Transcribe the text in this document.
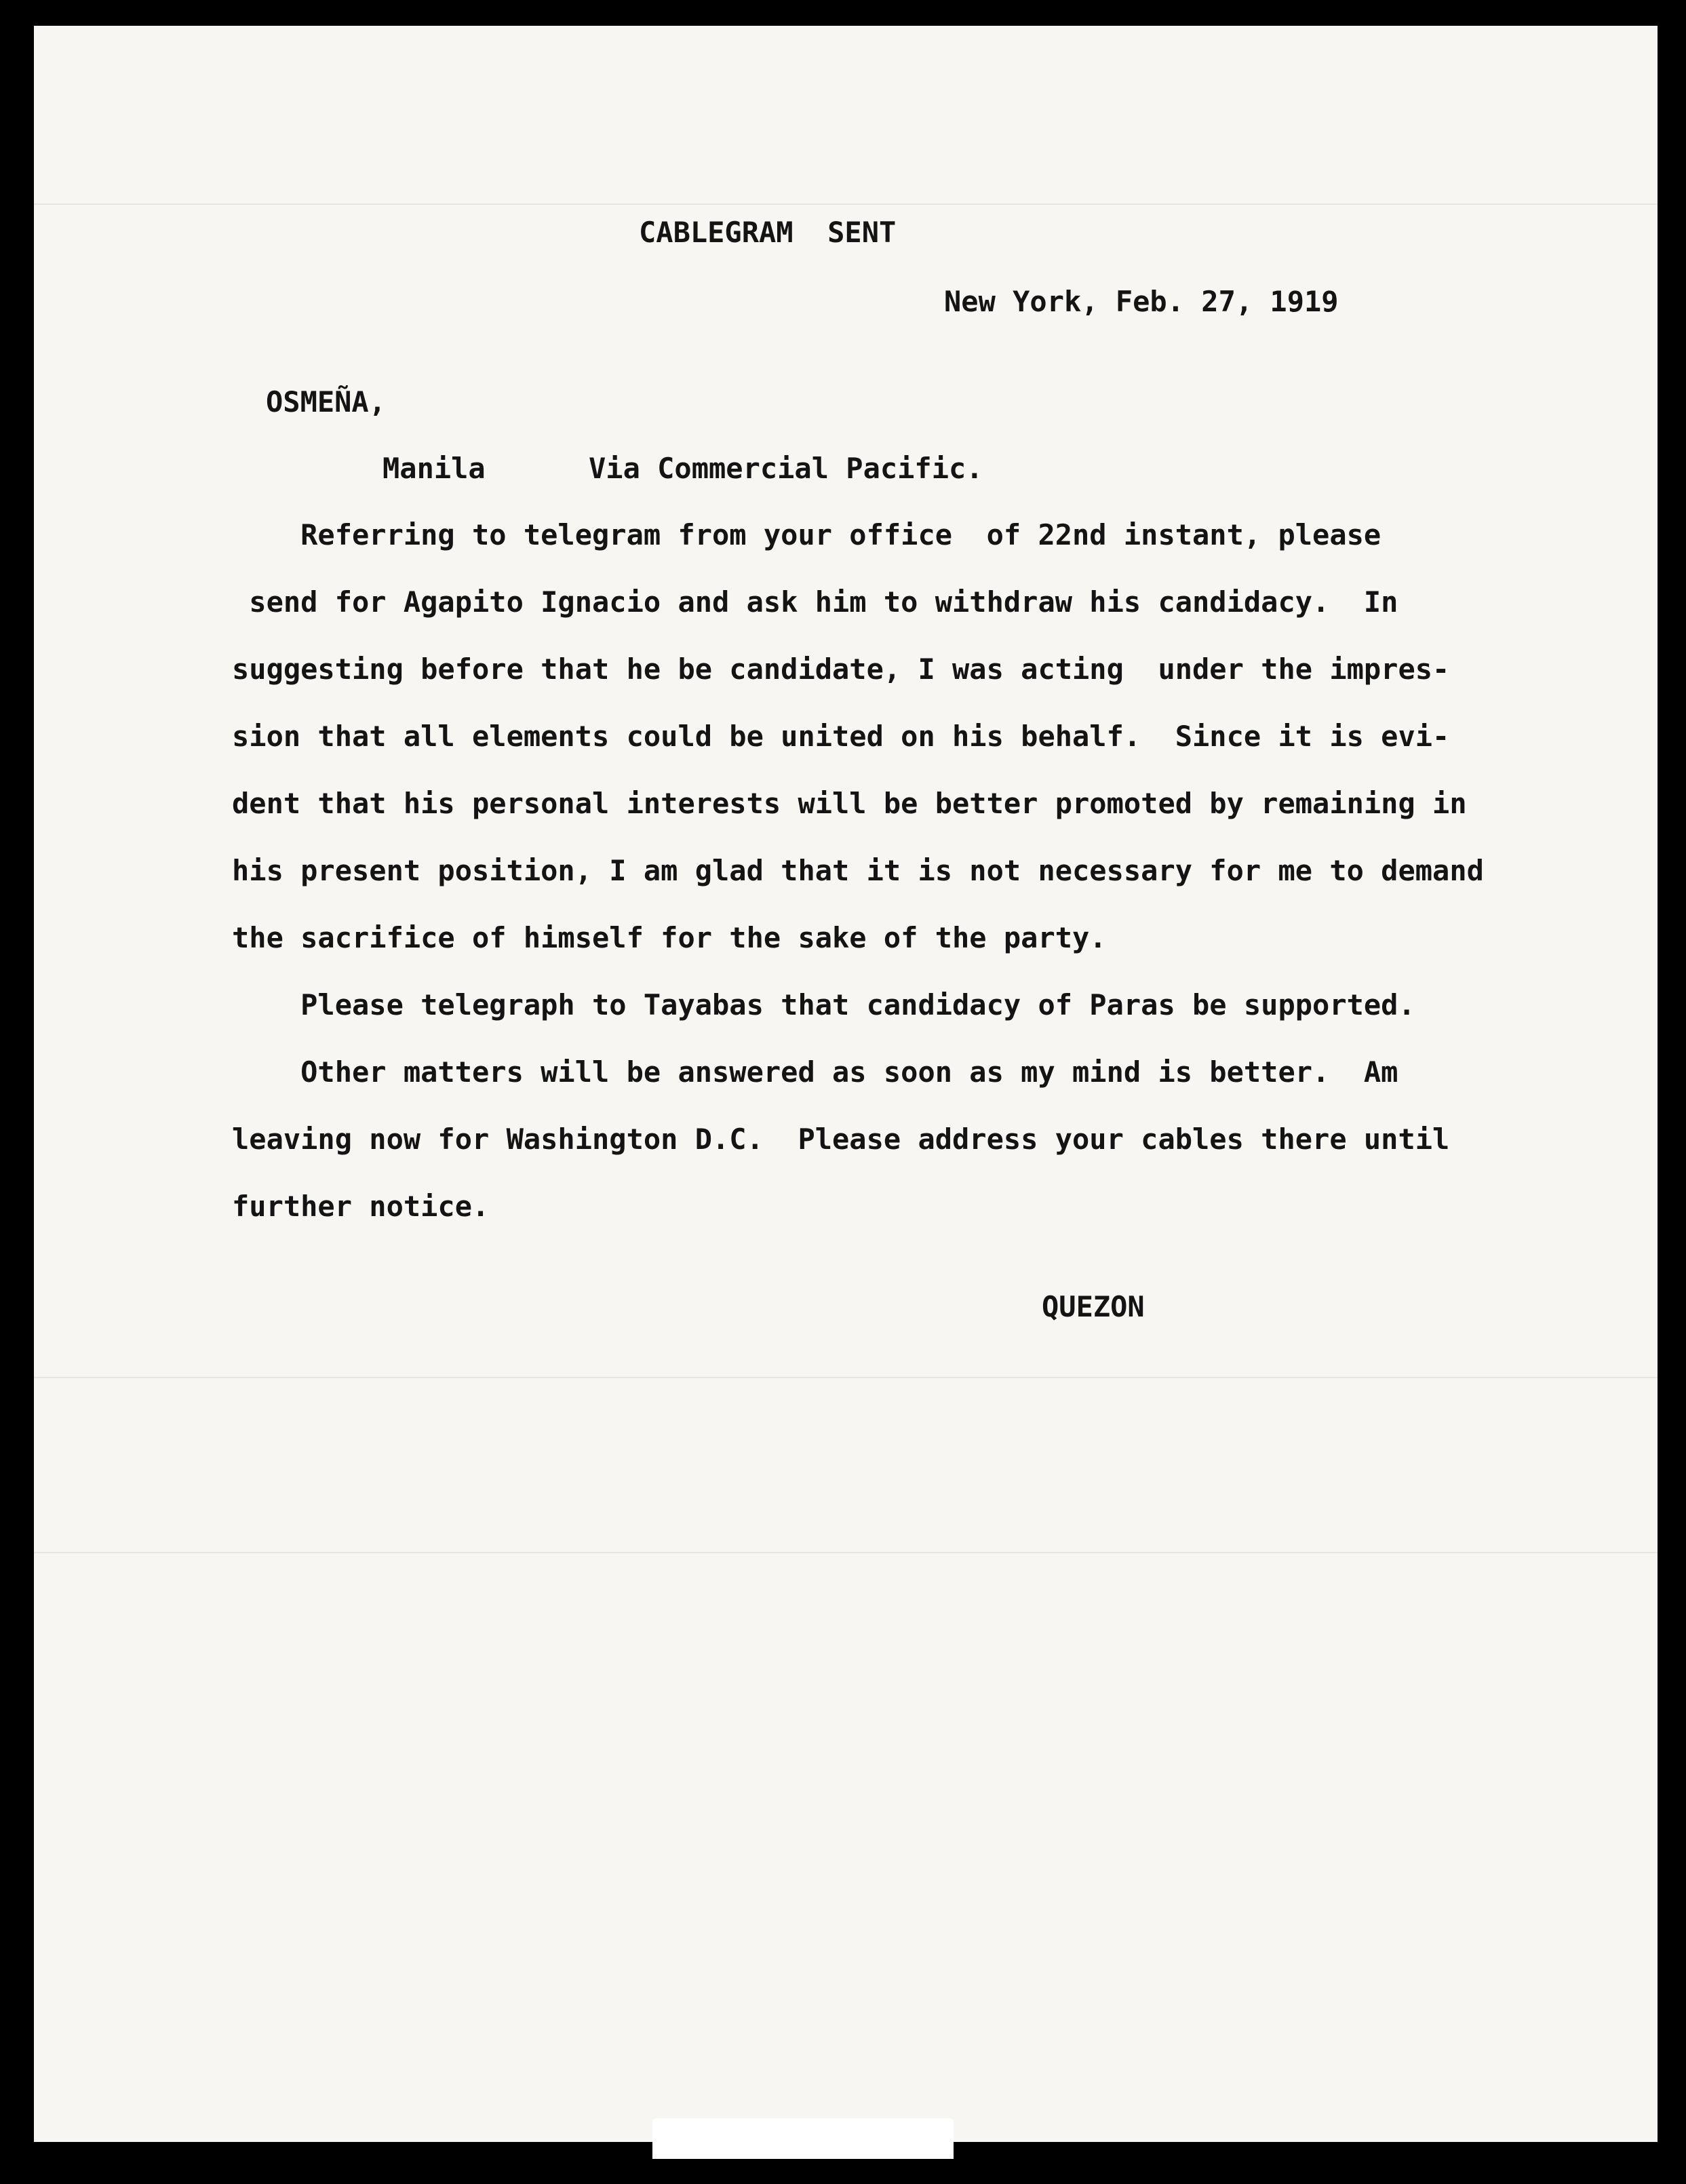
CABLEGRAM  SENT
New York, Feb. 27, 1919
OSMEÑA,
Manila	Via Commercial Pacific.
Referring to telegram from your office  of 22nd instant, please
send for Agapito Ignacio and ask him to withdraw his candidacy.  In
suggesting before that he be candidate, I was acting  under the impres-
sion that all elements could be united on his behalf.  Since it is evi-
dent that his personal interests will be better promoted by remaining in
his present position, I am glad that it is not necessary for me to demand
the sacrifice of himself for the sake of the party.
Please telegraph to Tayabas that candidacy of Paras be supported.
Other matters will be answered as soon as my mind is better.  Am
leaving now for Washington D.C.  Please address your cables there until
further notice.
QUEZON
